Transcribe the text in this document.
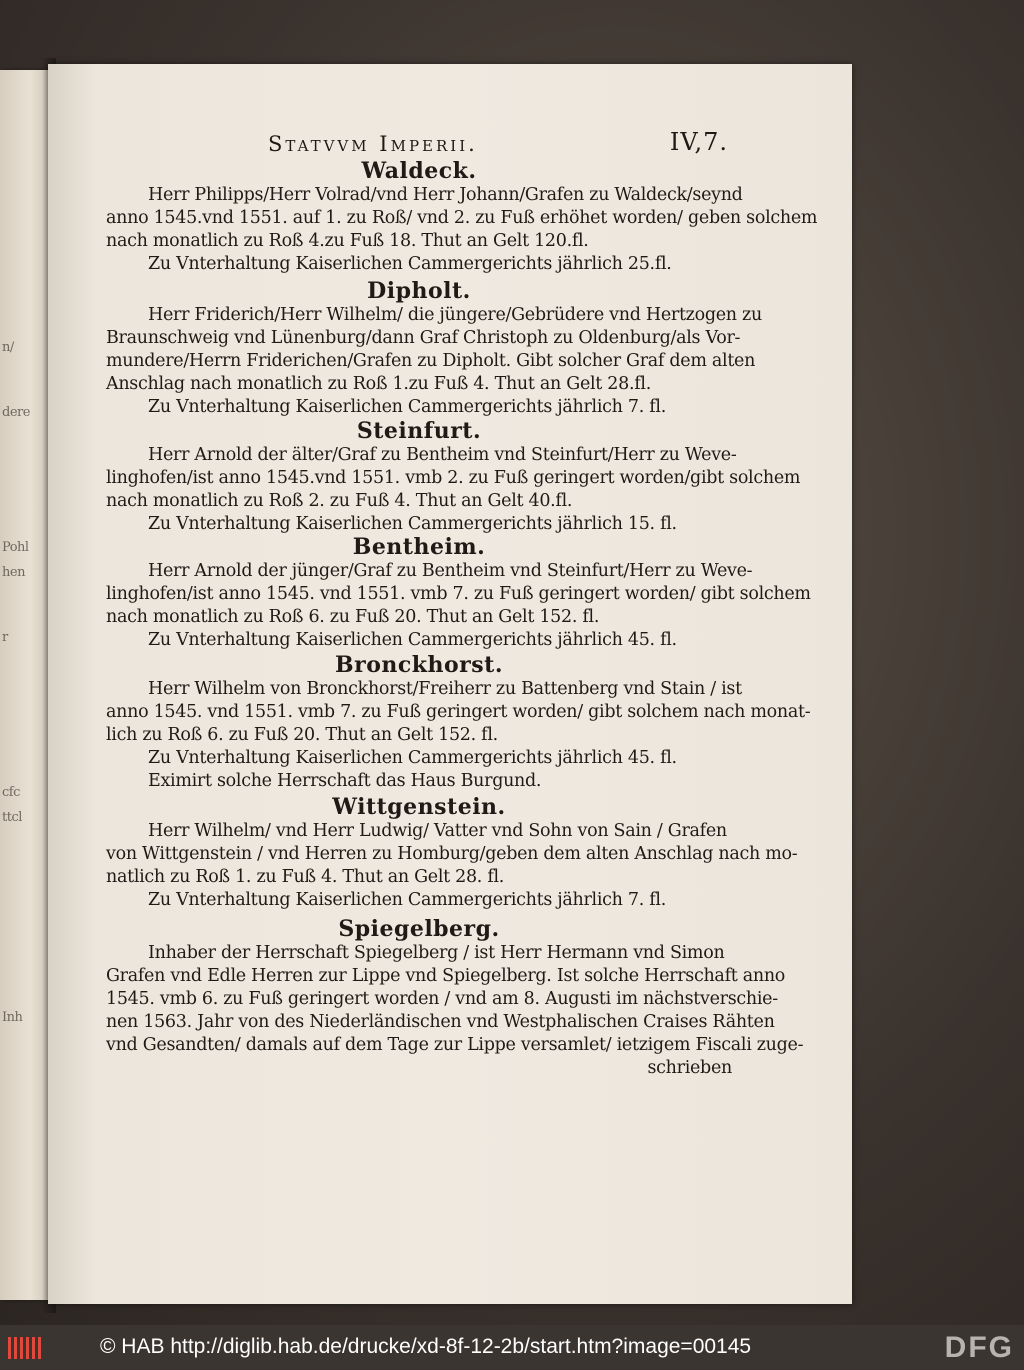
n/
dere
Pohl
hen
r
cfc
ttcl
Inh
Statvvm Imperii.	IV,7.
Waldeck.
Herr Philipps/Herr Volrad/vnd Herr Johann/Grafen zu Waldeck/seynd
anno 1545.vnd 1551. auf 1. zu Roß/ vnd 2. zu Fuß erhöhet worden/ geben solchem
nach monatlich zu Roß 4.zu Fuß 18. Thut an Gelt 120.fl.
Zu Vnterhaltung Kaiserlichen Cammergerichts jährlich 25.fl.
Dipholt.
Herr Friderich/Herr Wilhelm/ die jüngere/Gebrüdere vnd Hertzogen zu
Braunschweig vnd Lünenburg/dann Graf Christoph zu Oldenburg/als Vor-
mundere/Herrn Friderichen/Grafen zu Dipholt. Gibt solcher Graf dem alten
Anschlag nach monatlich zu Roß 1.zu Fuß 4. Thut an Gelt 28.fl.
Zu Vnterhaltung Kaiserlichen Cammergerichts jährlich 7. fl.
Steinfurt.
Herr Arnold der älter/Graf zu Bentheim vnd Steinfurt/Herr zu Weve-
linghofen/ist anno 1545.vnd 1551. vmb 2. zu Fuß geringert worden/gibt solchem
nach monatlich zu Roß 2. zu Fuß 4. Thut an Gelt 40.fl.
Zu Vnterhaltung Kaiserlichen Cammergerichts jährlich 15. fl.
Bentheim.
Herr Arnold der jünger/Graf zu Bentheim vnd Steinfurt/Herr zu Weve-
linghofen/ist anno 1545. vnd 1551. vmb 7. zu Fuß geringert worden/ gibt solchem
nach monatlich zu Roß 6. zu Fuß 20. Thut an Gelt 152. fl.
Zu Vnterhaltung Kaiserlichen Cammergerichts jährlich 45. fl.
Bronckhorst.
Herr Wilhelm von Bronckhorst/Freiherr zu Battenberg vnd Stain / ist
anno 1545. vnd 1551. vmb 7. zu Fuß geringert worden/ gibt solchem nach monat-
lich zu Roß 6. zu Fuß 20. Thut an Gelt 152. fl.
Zu Vnterhaltung Kaiserlichen Cammergerichts jährlich 45. fl.
Eximirt solche Herrschaft das Haus Burgund.
Wittgenstein.
Herr Wilhelm/ vnd Herr Ludwig/ Vatter vnd Sohn von Sain / Grafen
von Wittgenstein / vnd Herren zu Homburg/geben dem alten Anschlag nach mo-
natlich zu Roß 1. zu Fuß 4. Thut an Gelt 28. fl.
Zu Vnterhaltung Kaiserlichen Cammergerichts jährlich 7. fl.
Spiegelberg.
Inhaber der Herrschaft Spiegelberg / ist Herr Hermann vnd Simon
Grafen vnd Edle Herren zur Lippe vnd Spiegelberg. Ist solche Herrschaft anno
1545. vmb 6. zu Fuß geringert worden / vnd am 8. Augusti im nächstverschie-
nen 1563. Jahr von des Niederländischen vnd Westphalischen Craises Rähten
vnd Gesandten/ damals auf dem Tage zur Lippe versamlet/ ietzigem Fiscali zuge-
schrieben
© HAB http://diglib.hab.de/drucke/xd-8f-12-2b/start.htm?image=00145	DFG
